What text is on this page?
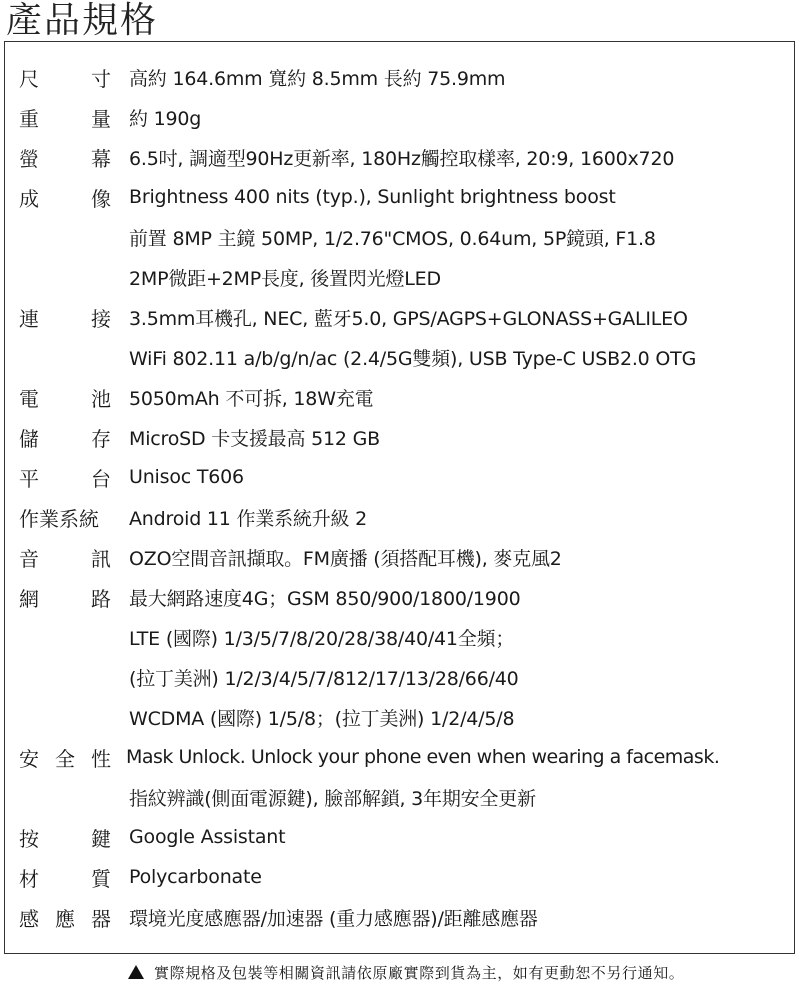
產品規格
尺	寸 高約 164.6mm 寬約 8.5mm 長約 75.9mm
重	量 約 190g
螢	幕 6.5吋, 調適型90Hz更新率, 180Hz觸控取樣率, 20:9, 1600x720
成	像 Brightness 400 nits (typ.), Sunlight brightness boost
前置 8MP 主鏡 50MP, 1/2.76"CMOS, 0.64um, 5P鏡頭, F1.8
2MP微距+2MP長度, 後置閃光燈LED
連	接 3.5mm耳機孔, NEC, 藍牙5.0, GPS/AGPS+GLONASS+GALILEO
WiFi 802.11 a/b/g/n/ac (2.4/5G雙頻), USB Type-C USB2.0 OTG
電	池 5050mAh 不可拆, 18W充電
儲	存 MicroSD 卡支援最高 512 GB
平	台 Unisoc T606
作業系統 Android 11 作業系統升級 2
音	訊 OZO空間音訊擷取。FM廣播 (須搭配耳機), 麥克風2
網	路 最大網路速度4G；GSM 850/900/1800/1900
LTE (國際) 1/3/5/7/8/20/28/38/40/41全頻；
(拉丁美洲) 1/2/3/4/5/7/812/17/13/28/66/40
WCDMA (國際) 1/5/8；(拉丁美洲) 1/2/4/5/8
安 全 性 Mask Unlock. Unlock your phone even when wearing a facemask.
指紋辨識(側面電源鍵), 臉部解鎖, 3年期安全更新
按	鍵 Google Assistant
材	質 Polycarbonate
感 應 器 環境光度感應器/加速器 (重力感應器)/距離感應器
實際規格及包裝等相關資訊請依原廠實際到貨為主，如有更動恕不另行通知。
